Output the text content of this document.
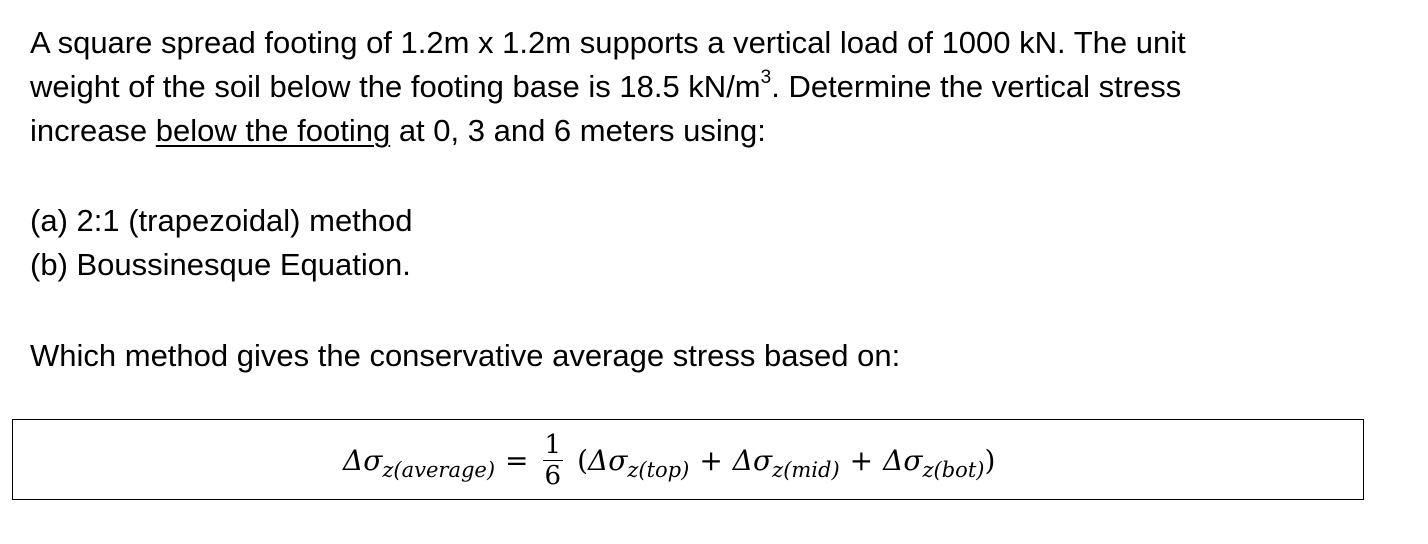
A square spread footing of 1.2m x 1.2m supports a vertical load of 1000 kN. The unit
weight of the soil below the footing base is 18.5 $kN/m^3$. Determine the vertical stress
increase below the footing at 0, 3 and 6 meters using:

(a) 2:1 (trapezoidal) method
(b) Boussinesque Equation.

Which method gives the conservative average stress based on:

Δσ z(average) = $\frac{1}{6}$ ( Δσ z(top) + Δσ z(mid) + Δσ z(bot) )
